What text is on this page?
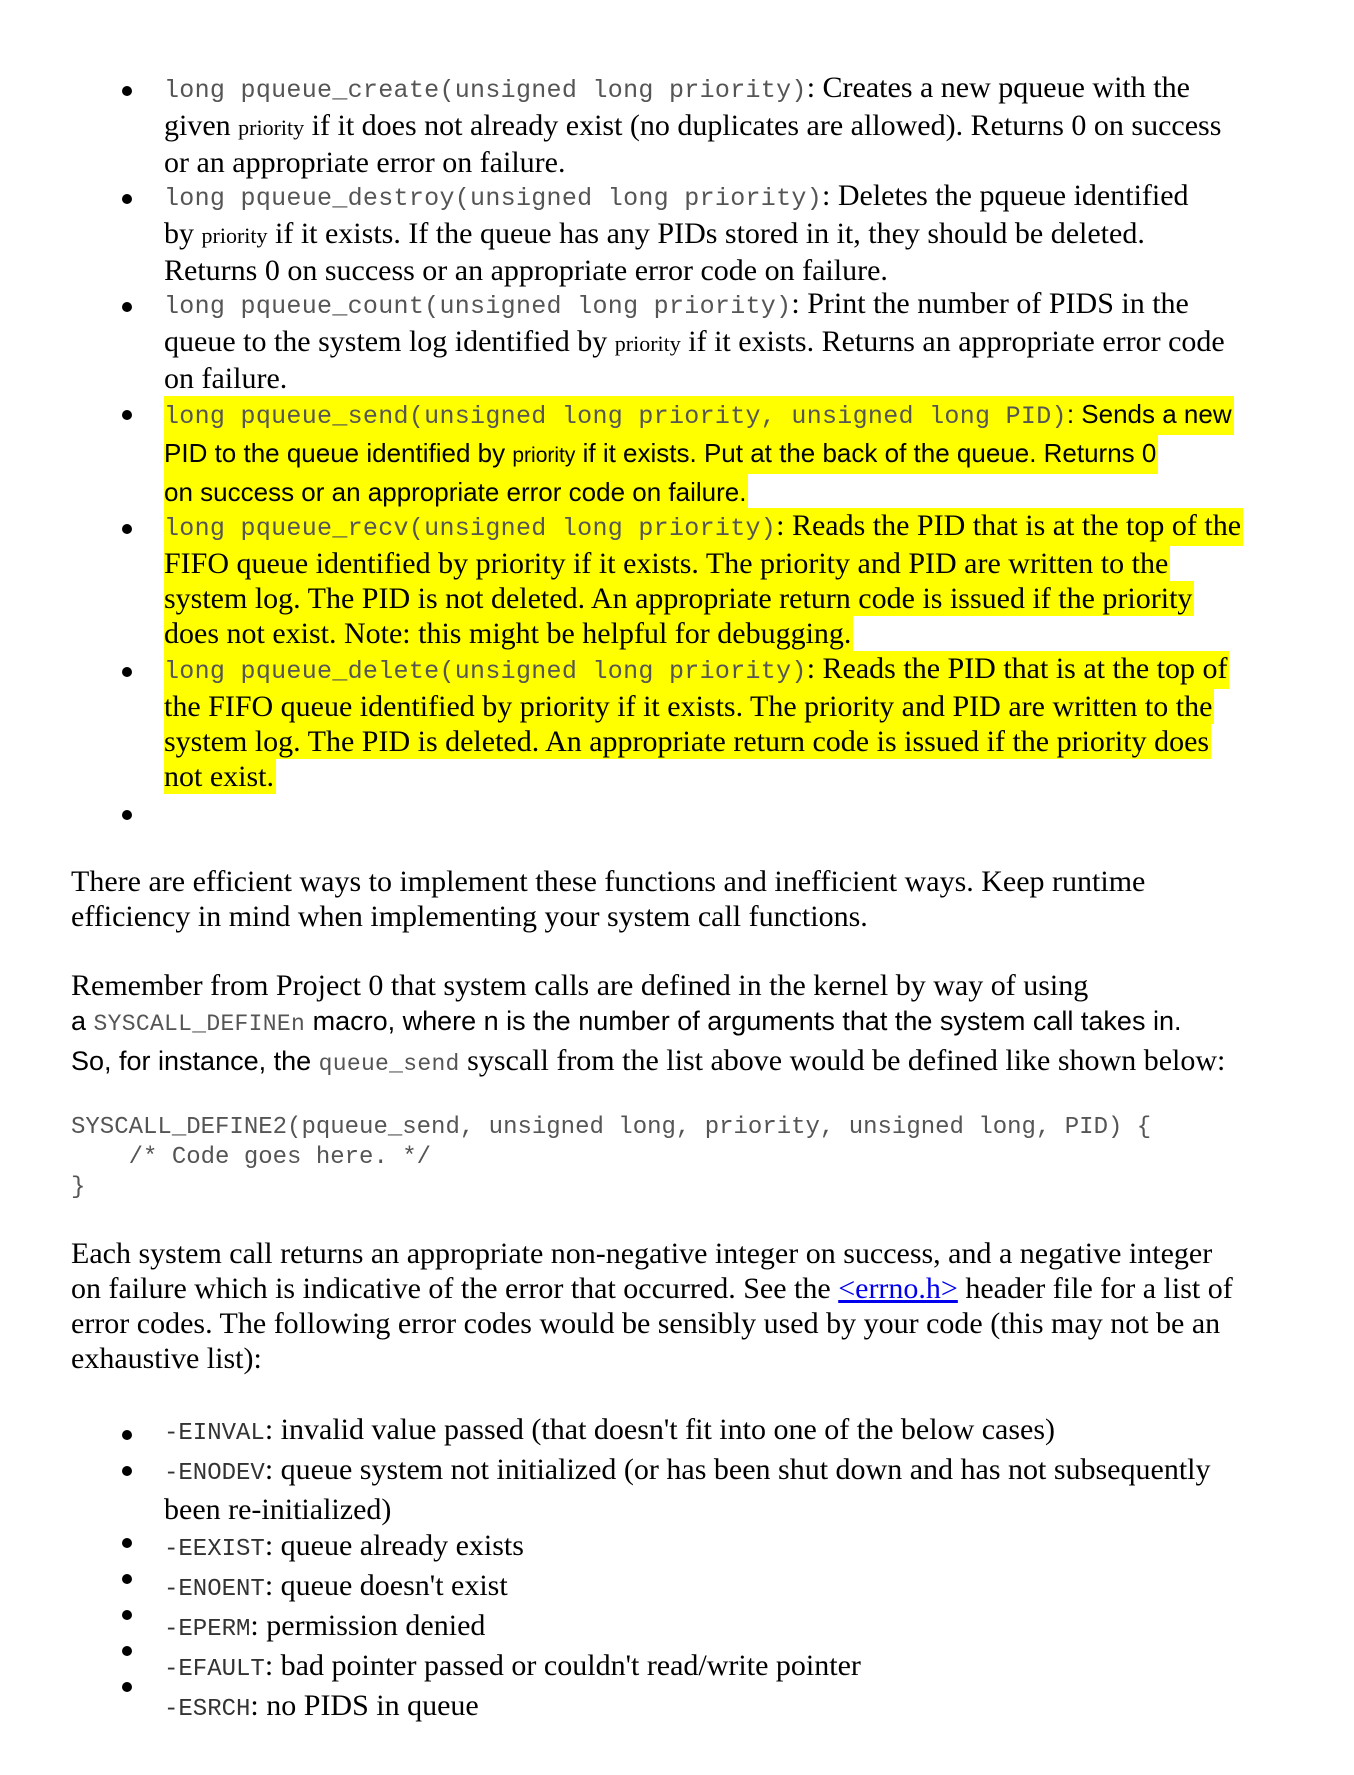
long pqueue_create(unsigned long priority): Creates a new pqueue with the
given priority if it does not already exist (no duplicates are allowed). Returns 0 on success
or an appropriate error on failure.
long pqueue_destroy(unsigned long priority): Deletes the pqueue identified
by priority if it exists. If the queue has any PIDs stored in it, they should be deleted.
Returns 0 on success or an appropriate error code on failure.
long pqueue_count(unsigned long priority): Print the number of PIDS in the
queue to the system log identified by priority if it exists. Returns an appropriate error code
on failure.
long pqueue_send(unsigned long priority, unsigned long PID): Sends a new
PID to the queue identified by priority if it exists. Put at the back of the queue. Returns 0
on success or an appropriate error code on failure.
long pqueue_recv(unsigned long priority): Reads the PID that is at the top of the
FIFO queue identified by priority if it exists. The priority and PID are written to the
system log. The PID is not deleted. An appropriate return code is issued if the priority
does not exist. Note: this might be helpful for debugging.
long pqueue_delete(unsigned long priority): Reads the PID that is at the top of
the FIFO queue identified by priority if it exists. The priority and PID are written to the
system log. The PID is deleted. An appropriate return code is issued if the priority does
not exist.
There are efficient ways to implement these functions and inefficient ways. Keep runtime
efficiency in mind when implementing your system call functions.
Remember from Project 0 that system calls are defined in the kernel by way of using
a SYSCALL_DEFINEn macro, where n is the number of arguments that the system call takes in.
So, for instance, the queue_send syscall from the list above would be defined like shown below:
SYSCALL_DEFINE2(pqueue_send, unsigned long, priority, unsigned long, PID) {
/* Code goes here. */
}
Each system call returns an appropriate non-negative integer on success, and a negative integer
on failure which is indicative of the error that occurred. See the <errno.h> header file for a list of
error codes. The following error codes would be sensibly used by your code (this may not be an
exhaustive list):
-EINVAL: invalid value passed (that doesn't fit into one of the below cases)
-ENODEV: queue system not initialized (or has been shut down and has not subsequently
been re-initialized)
-EEXIST: queue already exists
-ENOENT: queue doesn't exist
-EPERM: permission denied
-EFAULT: bad pointer passed or couldn't read/write pointer
-ESRCH: no PIDS in queue
